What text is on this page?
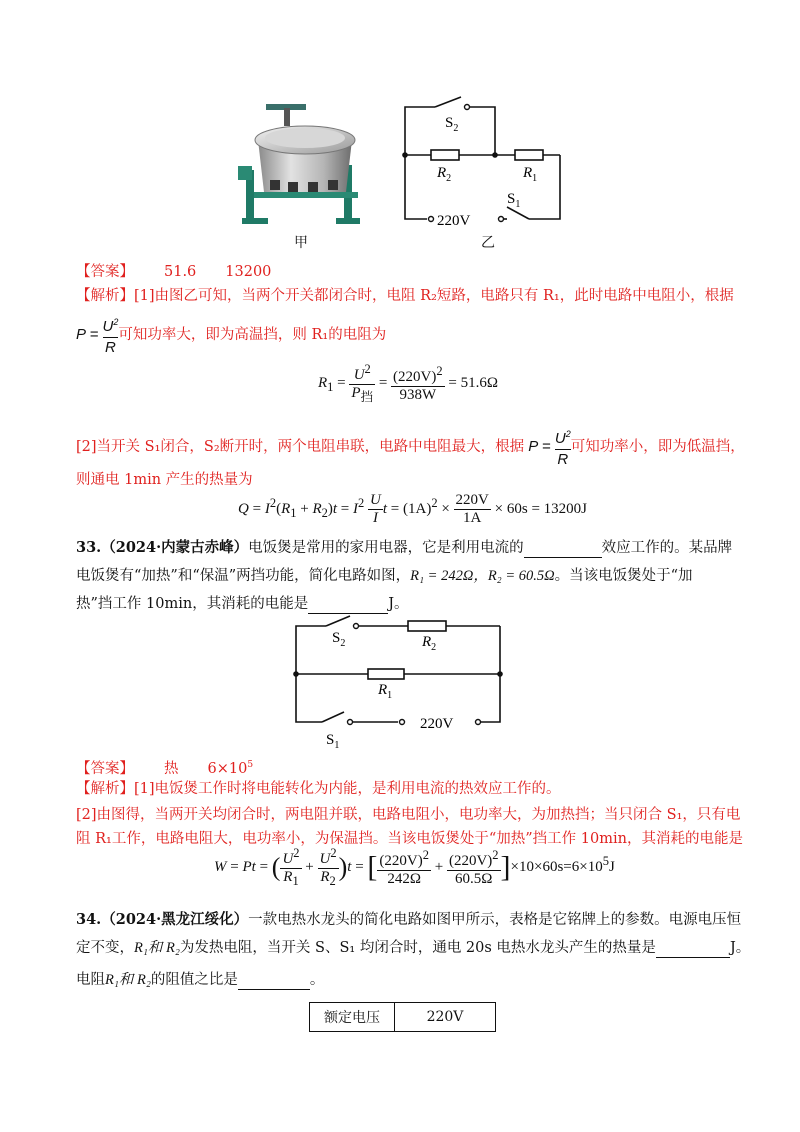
甲
$S_2$
$R_2$	$R_1$
$S_1$
220V
乙
【答案】 51.6　　13200
【解析】[1]由图乙可知，当两个开关都闭合时，电阻 R₂短路，电路只有 R₁，此时电路中电阻小，根据
$P = \frac{U^2}{R}$ 可知功率大，即为高温挡，则 R₁的电阻为
$R_1 = \frac{U^2}{P_挡} = \frac{(220V)^2}{938W} = 51.6\Omega$
[2]当开关 S₁闭合，S₂断开时，两个电阻串联，电路中电阻最大，根据 $P = \frac{U^2}{R}$ 可知功率小，即为低温挡，
则通电 1min 产生的热量为
$Q = I^2(R_1 + R_2)t = I^2 \frac{U}{I}$ $t = (1A)^2 \times \frac{220V}{1A} \times 60s = 13200J$
33.（2024·内蒙古赤峰）电饭煲是常用的家用电器，它是利用电流的	效应工作的。某品牌
电饭煲有“加热”和“保温”两挡功能，简化电路如图，R₁ = 242Ω，R₂ = 60.5Ω。当该电饭煲处于“加
热”挡工作 10min，其消耗的电能是	J。
$S_2$	$R_2$
$R_1$
$S_1$
220V
【答案】 热　　$6\times 10^5$
【解析】[1]电饭煲工作时将电能转化为内能，是利用电流的热效应工作的。
[2]由图得，当两开关均闭合时，两电阻并联，电路电阻小，电功率大，为加热挡；当只闭合 S₁，只有电
阻 R₁工作，电路电阻大，电功率小，为保温挡。当该电饭煲处于“加热”挡工作 10min，其消耗的电能是
W = Pt = ( $\frac{U^2}{R_1} + \frac{U^2}{R_2} )t$ = [ $\frac{(220V)^2}{242\Omega} + \frac{(220V)^2}{60.5\Omega} ]\times 10\times 60s=6\times 10^5J$
34.（2024·黑龙江绥化）一款电热水龙头的简化电路如图甲所示，表格是它铭牌上的参数。电源电压恒
定不变，R₁和 R₂为发热电阻，当开关 S、S₁ 均闭合时，通电 20s 电热水龙头产生的热量是	J。
电阻R₁和 R₂的阻值之比是	。
额定电压	220V
